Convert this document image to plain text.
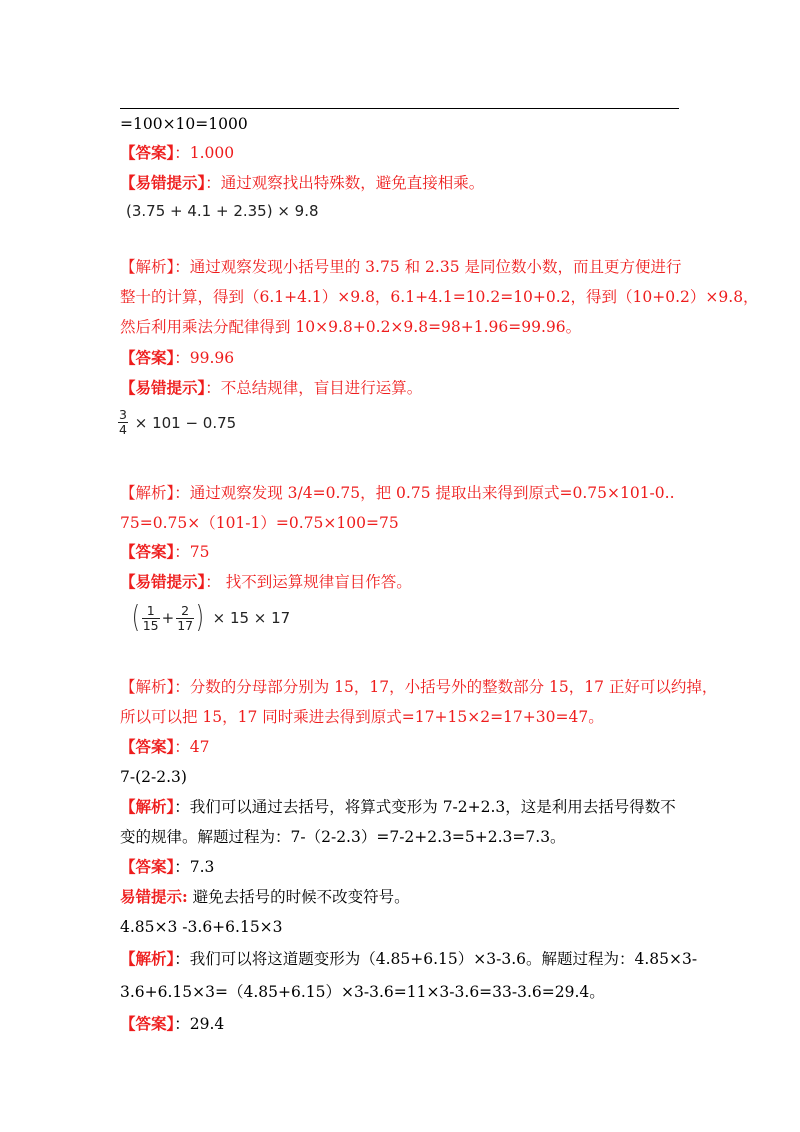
=100×10=1000
【答案】：1.000
【易错提示】：通过观察找出特殊数，避免直接相乘。
(3.75 + 4.1 + 2.35) × 9.8
【解析】：通过观察发现小括号里的 3.75 和 2.35 是同位数小数，而且更方便进行
整十的计算，得到（6.1+4.1）×9.8，6.1+4.1=10.2=10+0.2，得到（10+0.2）×9.8，
然后利用乘法分配律得到 10×9.8+0.2×9.8=98+1.96=99.96。
【答案】：99.96
【易错提示】：不总结规律，盲目进行运算。
$\frac{3}{4} \times 101 - 0.75$
【解析】：通过观察发现 3/4=0.75，把 0.75 提取出来得到原式=0.75×101-0..
75=0.75×（101-1）=0.75×100=75
【答案】：75
【易错提示】： 找不到运算规律盲目作答。
( $\frac{1}{15} + \frac{2}{17}$ ) × 15 × 17
【解析】：分数的分母部分别为 15，17，小括号外的整数部分 15，17 正好可以约掉，
所以可以把 15，17 同时乘进去得到原式=17+15×2=17+30=47。
【答案】：47
7-(2-2.3)
【解析】：我们可以通过去括号，将算式变形为 7-2+2.3，这是利用去括号得数不
变的规律。解题过程为：7-（2-2.3）=7-2+2.3=5+2.3=7.3。
【答案】：7.3
易错提示: 避免去括号的时候不改变符号。
4.85×3 -3.6+6.15×3
【解析】：我们可以将这道题变形为（4.85+6.15）×3-3.6。解题过程为：4.85×3-
3.6+6.15×3=（4.85+6.15）×3-3.6=11×3-3.6=33-3.6=29.4。
【答案】：29.4
